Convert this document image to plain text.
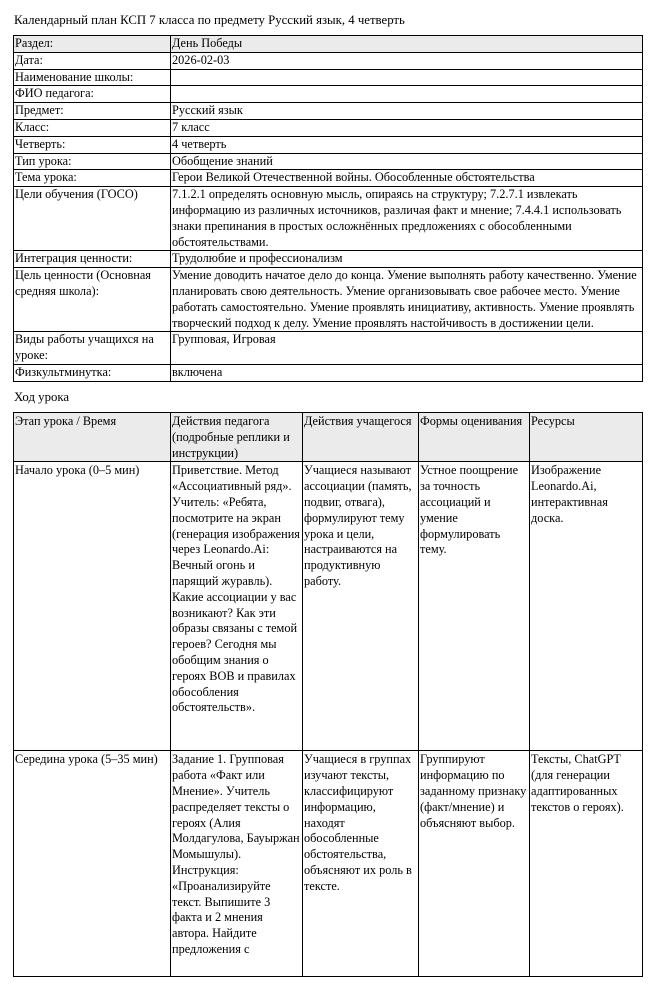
Календарный план КСП 7 класса по предмету Русский язык, 4 четверть
Раздел:	День Победы
Дата:	2026-02-03
Наименование школы:	
ФИО педагога:	
Предмет:	Русский язык
Класс:	7 класс
Четверть:	4 четверть
Тип урока:	Обобщение знаний
Тема урока:	Герои Великой Отечественной войны. Обособленные обстоятельства
Цели обучения (ГОСО)	7.1.2.1 определять основную мысль, опираясь на структуру; 7.2.7.1 извлекать информацию из различных источников, различая факт и мнение; 7.4.4.1 использовать знаки препинания в простых осложнённых предложениях с обособленными обстоятельствами.
Интеграция ценности:	Трудолюбие и профессионализм
Цель ценности (Основная средняя школа):	Умение доводить начатое дело до конца. Умение выполнять работу качественно. Умение планировать свою деятельность. Умение организовывать свое рабочее место. Умение работать самостоятельно. Умение проявлять инициативу, активность. Умение проявлять творческий подход к делу. Умение проявлять настойчивость в достижении цели.
Виды работы учащихся на уроке:	Групповая, Игровая
Физкультминутка:	включена
Ход урока
Этап урока / Время	Действия педагога (подробные реплики и инструкции)	Действия учащегося	Формы оценивания	Ресурсы
Начало урока (0–5 мин)	Приветствие. Метод «Ассоциативный ряд». Учитель: «Ребята, посмотрите на экран (генерация изображения через Leonardo.Ai: Вечный огонь и парящий журавль). Какие ассоциации у вас возникают? Как эти образы связаны с темой героев? Сегодня мы обобщим знания о героях ВОВ и правилах обособления обстоятельств».	Учащиеся называют ассоциации (память, подвиг, отвага), формулируют тему урока и цели, настраиваются на продуктивную работу.	Устное поощрение за точность ассоциаций и умение формулировать тему.	Изображение Leonardo.Ai, интерактивная доска.
Середина урока (5–35 мин)	Задание 1. Групповая работа «Факт или Мнение». Учитель распределяет тексты о героях (Алия Молдагулова, Бауыржан Момышулы). Инструкция: «Проанализируйте текст. Выпишите 3 факта и 2 мнения автора. Найдите предложения с	Учащиеся в группах изучают тексты, классифицируют информацию, находят обособленные обстоятельства, объясняют их роль в тексте.	Группируют информацию по заданному признаку (факт/мнение) и объясняют выбор.	Тексты, ChatGPT (для генерации адаптированных текстов о героях).
